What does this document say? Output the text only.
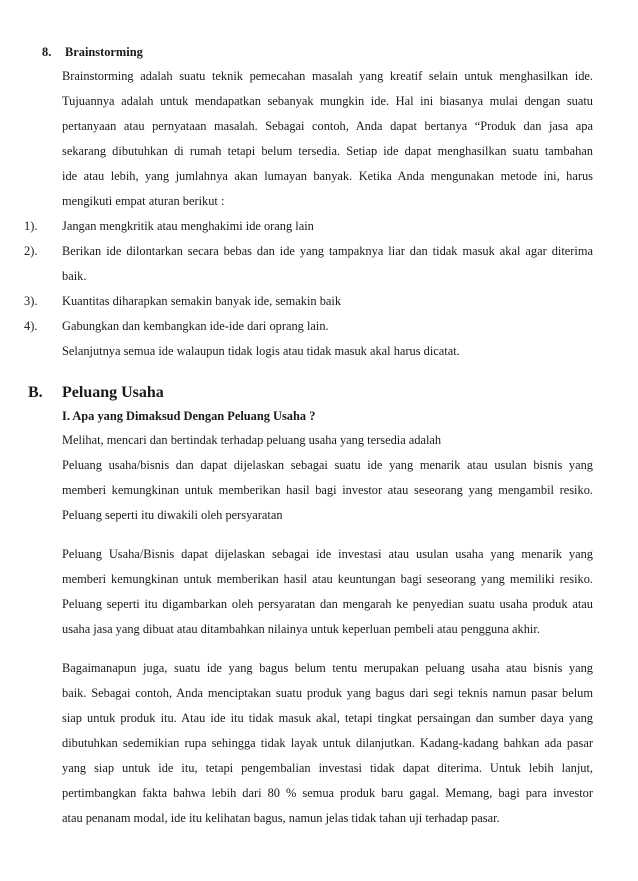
8. Brainstorming
Brainstorming adalah suatu teknik pemecahan masalah yang kreatif selain untuk menghasilkan ide.
Tujuannya adalah untuk mendapatkan sebanyak mungkin ide. Hal ini biasanya mulai dengan suatu
pertanyaan atau pernyataan masalah. Sebagai contoh, Anda dapat bertanya “Produk dan jasa apa
sekarang dibutuhkan di rumah tetapi belum tersedia. Setiap ide dapat menghasilkan suatu tambahan
ide atau lebih, yang jumlahnya akan lumayan banyak. Ketika Anda mengunakan metode ini, harus
mengikuti empat aturan berikut :
1). Jangan mengkritik atau menghakimi ide orang lain
2). Berikan ide dilontarkan secara bebas dan ide yang tampaknya liar dan tidak masuk akal agar diterima
baik.
3). Kuantitas diharapkan semakin banyak ide, semakin baik
4). Gabungkan dan kembangkan ide-ide dari oprang lain.
Selanjutnya semua ide walaupun tidak logis atau tidak masuk akal harus dicatat.
B. Peluang Usaha
I. Apa yang Dimaksud Dengan Peluang Usaha ?
Melihat, mencari dan bertindak terhadap peluang usaha yang tersedia adalah
Peluang usaha/bisnis dan dapat dijelaskan sebagai suatu ide yang menarik atau usulan bisnis yang
memberi kemungkinan untuk memberikan hasil bagi investor atau seseorang yang mengambil resiko.
Peluang seperti itu diwakili oleh persyaratan
Peluang Usaha/Bisnis dapat dijelaskan sebagai ide investasi atau usulan usaha yang menarik yang
memberi kemungkinan untuk memberikan hasil atau keuntungan bagi seseorang yang memiliki resiko.
Peluang seperti itu digambarkan oleh persyaratan dan mengarah ke penyedian suatu usaha produk atau
usaha jasa yang dibuat atau ditambahkan nilainya untuk keperluan pembeli atau pengguna akhir.
Bagaimanapun juga, suatu ide yang bagus belum tentu merupakan peluang usaha atau bisnis yang
baik. Sebagai contoh, Anda menciptakan suatu produk yang bagus dari segi teknis namun pasar belum
siap untuk produk itu. Atau ide itu tidak masuk akal, tetapi tingkat persaingan dan sumber daya yang
dibutuhkan sedemikian rupa sehingga tidak layak untuk dilanjutkan. Kadang-kadang bahkan ada pasar
yang siap untuk ide itu, tetapi pengembalian investasi tidak dapat diterima. Untuk lebih lanjut,
pertimbangkan fakta bahwa lebih dari 80 % semua produk baru gagal. Memang, bagi para investor
atau penanam modal, ide itu kelihatan bagus, namun jelas tidak tahan uji terhadap pasar.
